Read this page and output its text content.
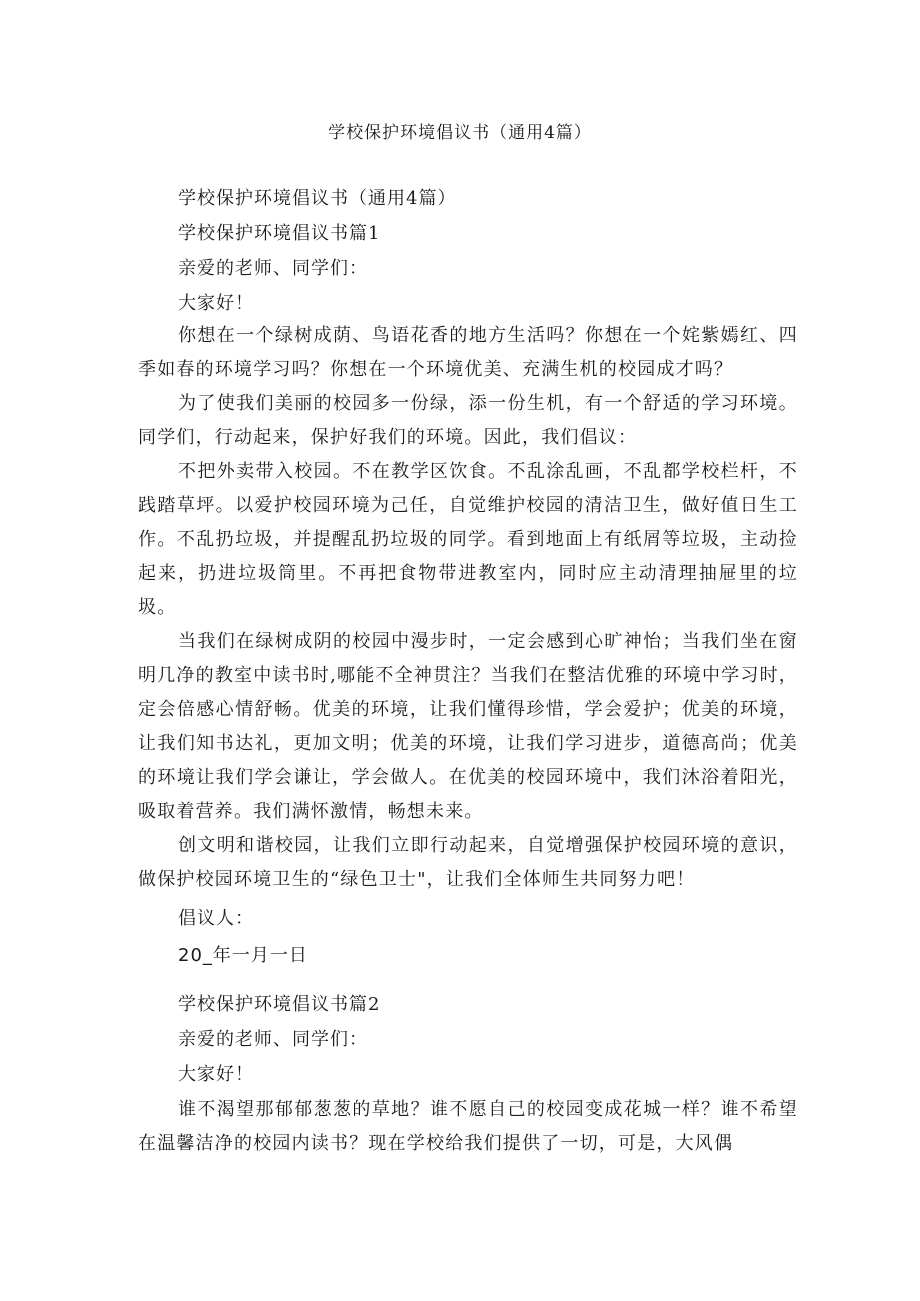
学校保护环境倡议书（通用4篇）
学校保护环境倡议书（通用4篇）
学校保护环境倡议书篇1
亲爱的老师、同学们：
大家好！
你想在一个绿树成荫、鸟语花香的地方生活吗？你想在一个姹紫嫣红、四季如春的环境学习吗？你想在一个环境优美、充满生机的校园成才吗？
为了使我们美丽的校园多一份绿，添一份生机，有一个舒适的学习环境。同学们，行动起来，保护好我们的环境。因此，我们倡议：
不把外卖带入校园。不在教学区饮食。不乱涂乱画，不乱都学校栏杆，不践踏草坪。以爱护校园环境为己任，自觉维护校园的清洁卫生，做好值日生工作。不乱扔垃圾，并提醒乱扔垃圾的同学。看到地面上有纸屑等垃圾，主动捡起来，扔进垃圾筒里。不再把食物带进教室内，同时应主动清理抽屉里的垃圾。
当我们在绿树成阴的校园中漫步时，一定会感到心旷神怡；当我们坐在窗明几净的教室中读书时,哪能不全神贯注？当我们在整洁优雅的环境中学习时，定会倍感心情舒畅。优美的环境，让我们懂得珍惜，学会爱护；优美的环境，让我们知书达礼，更加文明；优美的环境，让我们学习进步，道德高尚；优美的环境让我们学会谦让，学会做人。在优美的校园环境中，我们沐浴着阳光，吸取着营养。我们满怀激情，畅想未来。
创文明和谐校园，让我们立即行动起来，自觉增强保护校园环境的意识，做保护校园环境卫生的“绿色卫士"，让我们全体师生共同努力吧！
倡议人：
20_年一月一日
学校保护环境倡议书篇2
亲爱的老师、同学们：
大家好！
谁不渴望那郁郁葱葱的草地？谁不愿自己的校园变成花城一样？谁不希望在温馨洁净的校园内读书？现在学校给我们提供了一切，可是，大风偶
